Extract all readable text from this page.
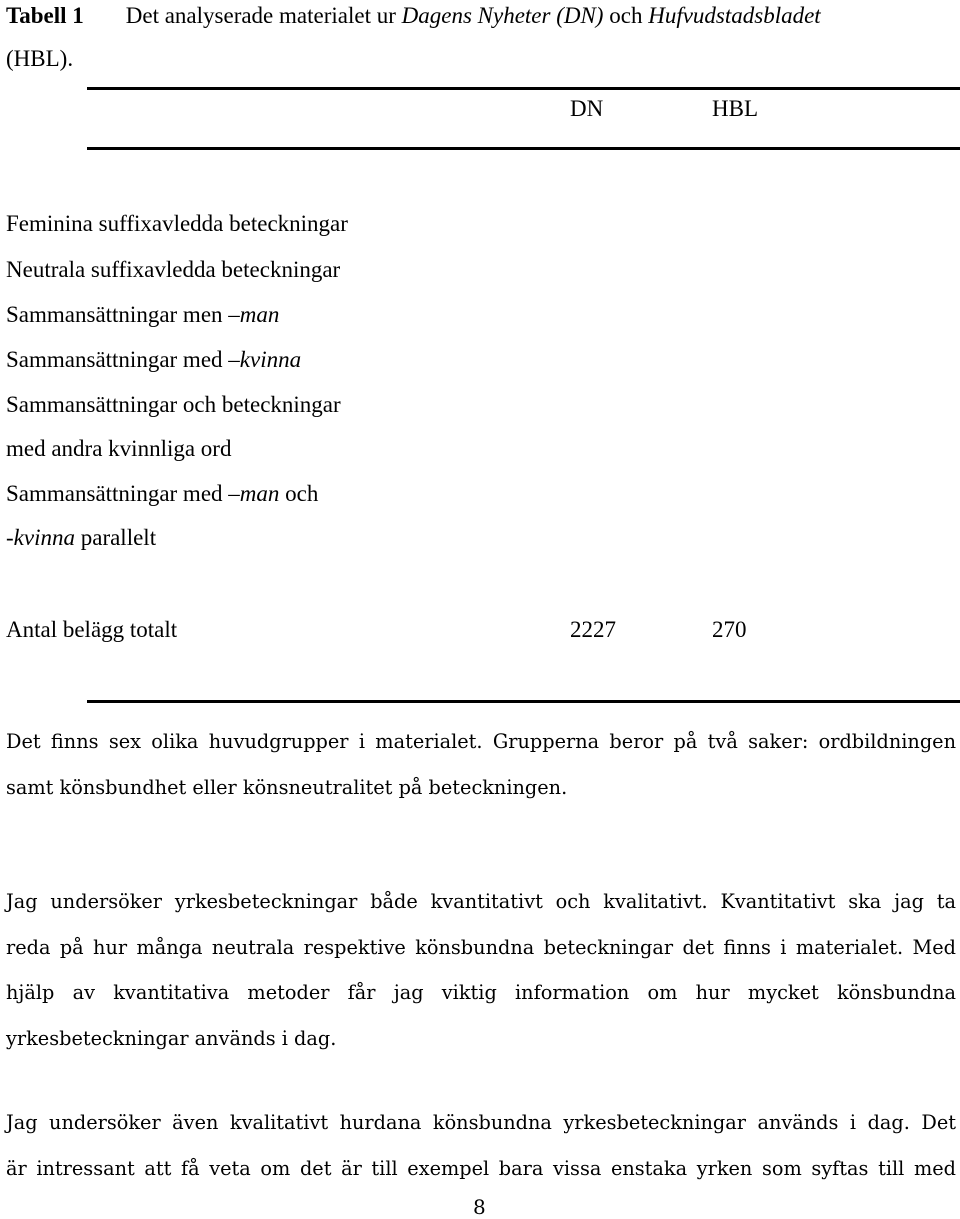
Tabell 1 Det analyserade materialet ur Dagens Nyheter (DN) och Hufvudstadsbladet
(HBL).
DN	HBL
Feminina suffixavledda beteckningar
Neutrala suffixavledda beteckningar
Sammansättningar men –man
Sammansättningar med –kvinna
Sammansättningar och beteckningar
med andra kvinnliga ord
Sammansättningar med –man och
-kvinna parallelt
Antal belägg totalt	2227	270
Det finns sex olika huvudgrupper i materialet. Grupperna beror på två saker: ordbildningen
samt könsbundhet eller könsneutralitet på beteckningen.
Jag undersöker yrkesbeteckningar både kvantitativt och kvalitativt. Kvantitativt ska jag ta
reda på hur många neutrala respektive könsbundna beteckningar det finns i materialet. Med
hjälp av kvantitativa metoder får jag viktig information om hur mycket könsbundna
yrkesbeteckningar används i dag.
Jag undersöker även kvalitativt hurdana könsbundna yrkesbeteckningar används i dag. Det
är intressant att få veta om det är till exempel bara vissa enstaka yrken som syftas till med
8
